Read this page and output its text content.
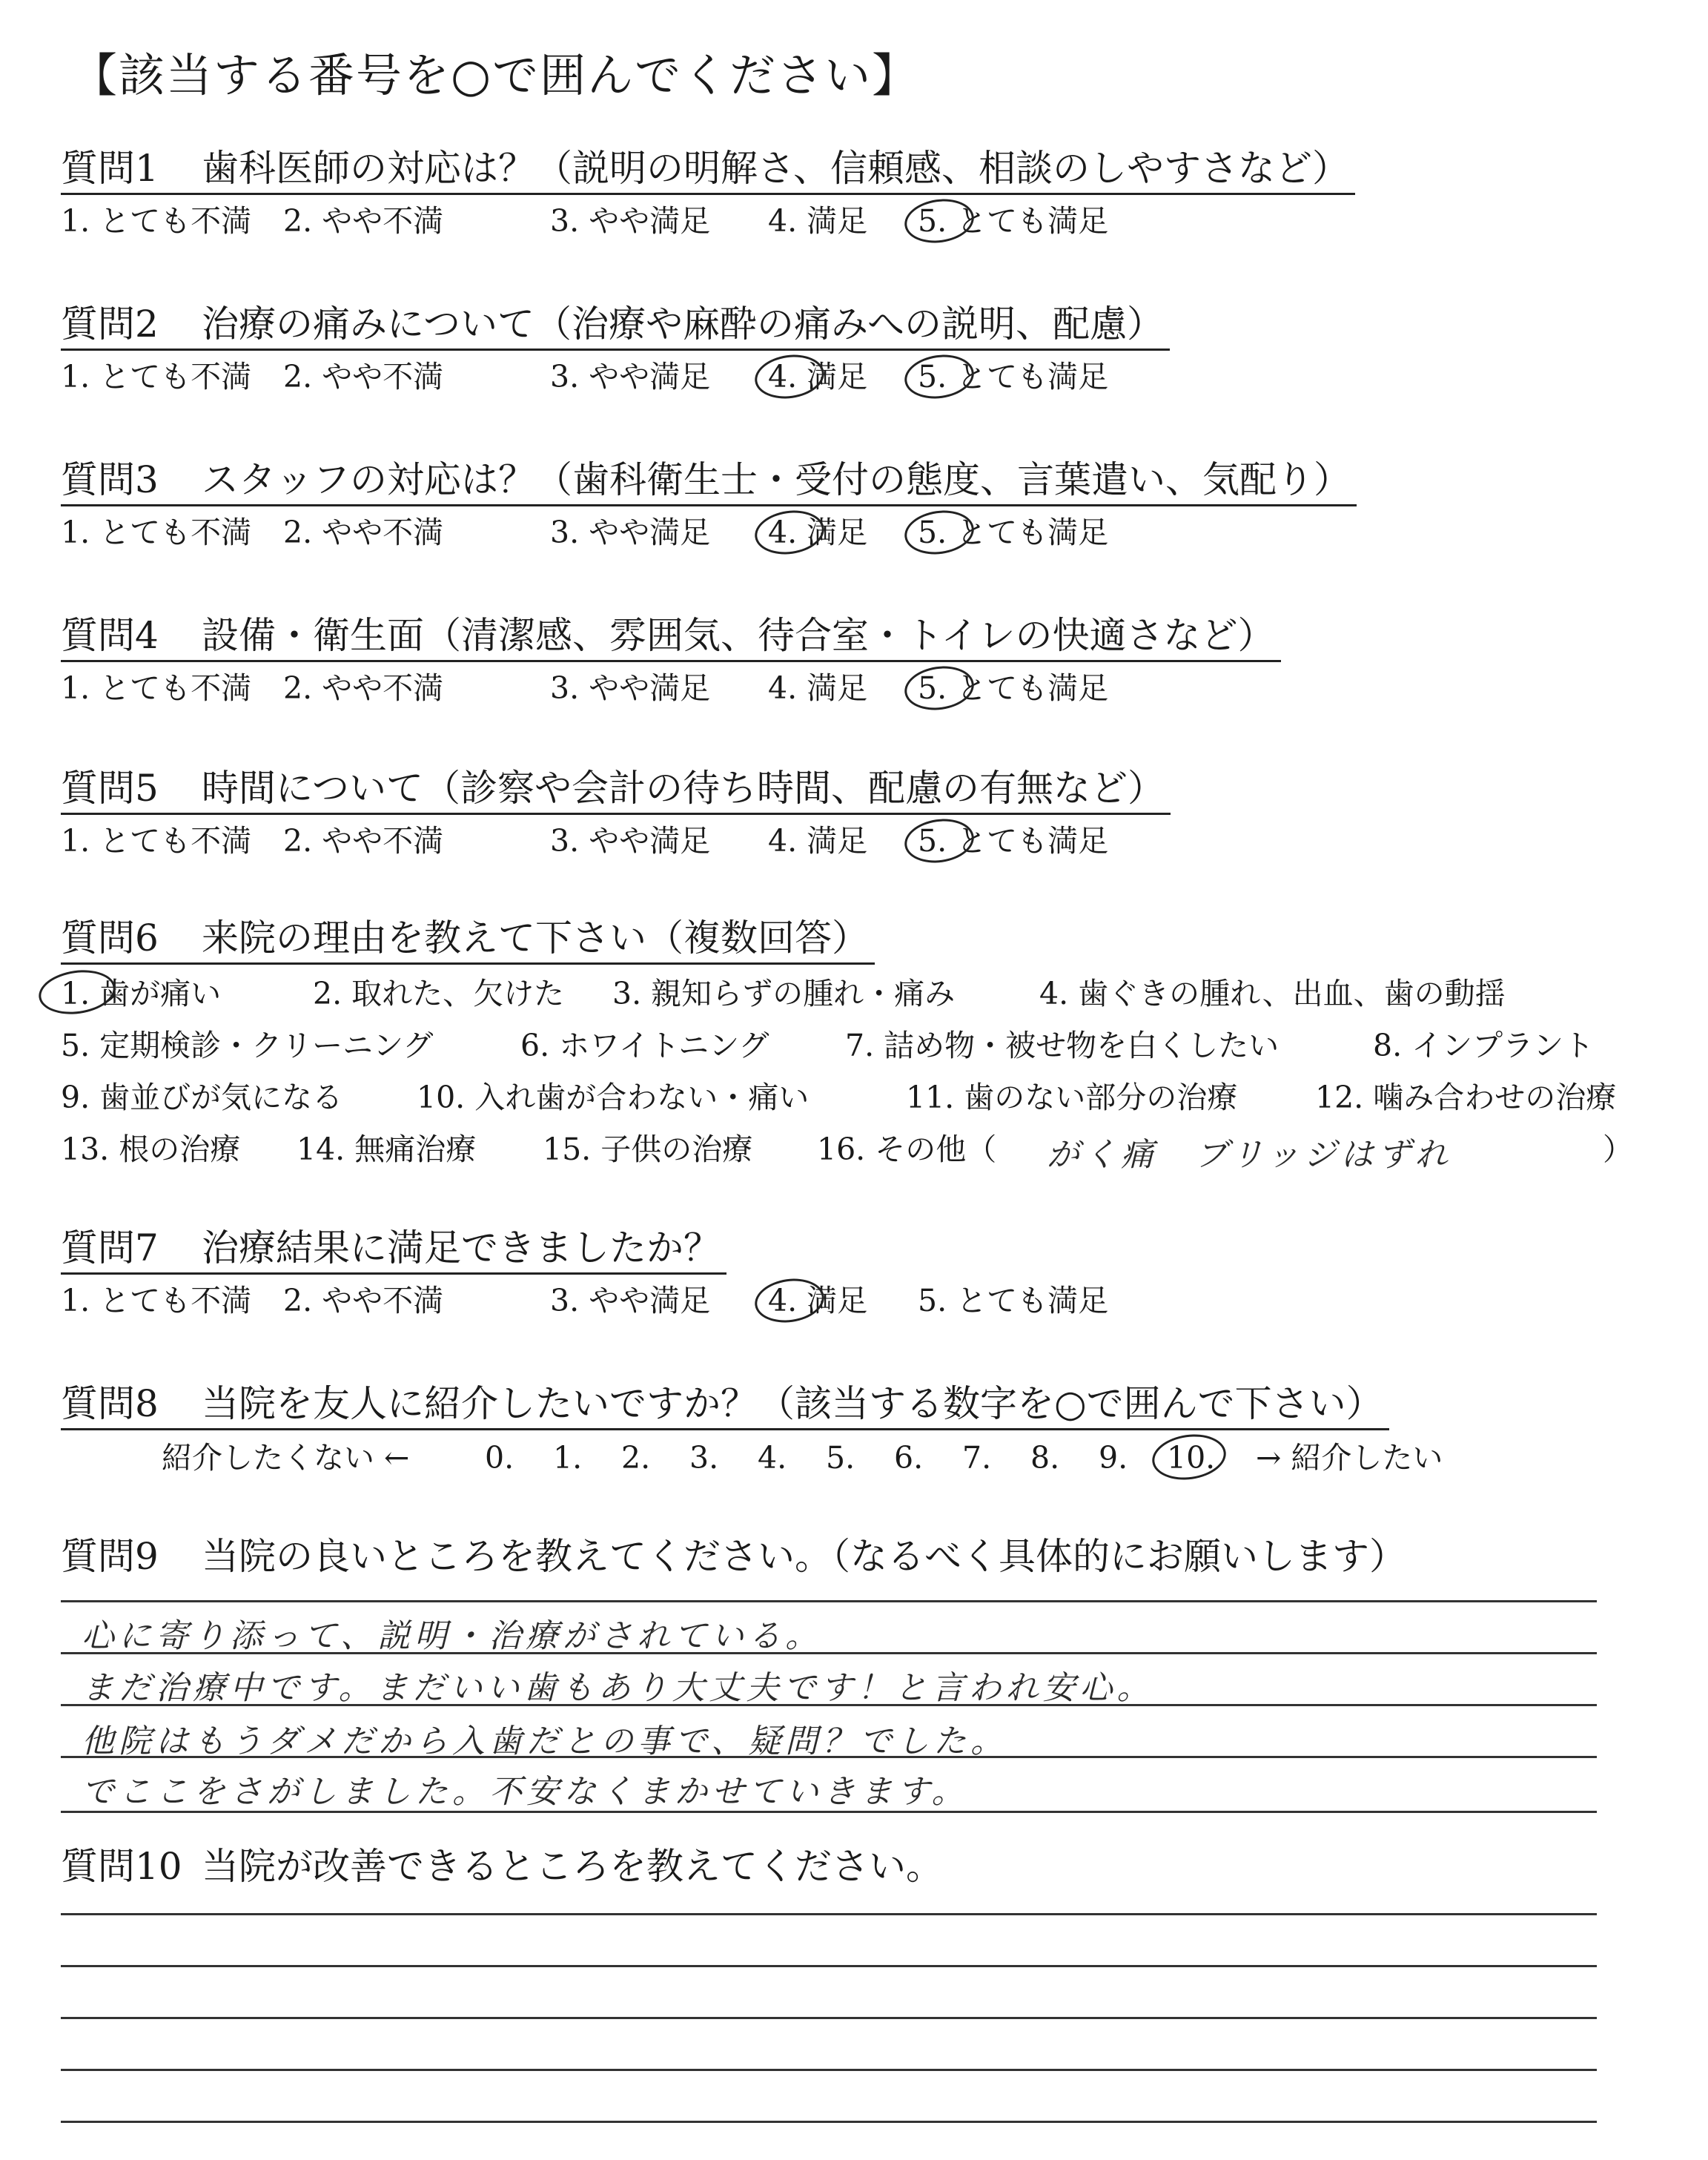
【該当する番号を○で囲んでください】
質問1 歯科医師の対応は？（説明の明解さ、信頼感、相談のしやすさなど）
1. とても不満 2. やや不満	3. やや満足 4. 満足 5. とても満足
質問2 治療の痛みについて（治療や麻酔の痛みへの説明、配慮）
1. とても不満 2. やや不満	3. やや満足 4. 満足 5. とても満足
質問3 スタッフの対応は？（歯科衛生士・受付の態度、言葉遣い、気配り）
1. とても不満 2. やや不満	3. やや満足 4. 満足 5. とても満足
質問4 設備・衛生面（清潔感、雰囲気、待合室・トイレの快適さなど）
1. とても不満 2. やや不満	3. やや満足 4. 満足 5. とても満足
質問5 時間について（診察や会計の待ち時間、配慮の有無など）
1. とても不満 2. やや不満	3. やや満足 4. 満足 5. とても満足
質問6 来院の理由を教えて下さい（複数回答）
1. 歯が痛い	2. 取れた、欠けた 3. 親知らずの腫れ・痛み	4. 歯ぐきの腫れ、出血、歯の動揺
5. 定期検診・クリーニング	6. ホワイトニング	7. 詰め物・被せ物を白くしたい	8. インプラント
9. 歯並びが気になる 10. 入れ歯が合わない・痛い	11. 歯のない部分の治療	12. 噛み合わせの治療
13. 根の治療 14. 無痛治療 15. 子供の治療 16. その他（ がく痛　ブリッジはずれ	）
質問7 治療結果に満足できましたか？
1. とても不満 2. やや不満	3. やや満足 4. 満足 5. とても満足
質問8 当院を友人に紹介したいですか？（該当する数字を○で囲んで下さい）
紹介したくない ←	→ 紹介したい
0. 1. 2. 3. 4. 5. 6. 7. 8. 9. 10.
質問9 当院の良いところを教えてください。（なるべく具体的にお願いします）
心に寄り添って、説明・治療がされている。
まだ治療中です。まだいい歯もあり大丈夫です！と言われ安心。
他院はもうダメだから入歯だとの事で、疑問？でした。
でここをさがしました。不安なくまかせていきます。
質問10 当院が改善できるところを教えてください。
